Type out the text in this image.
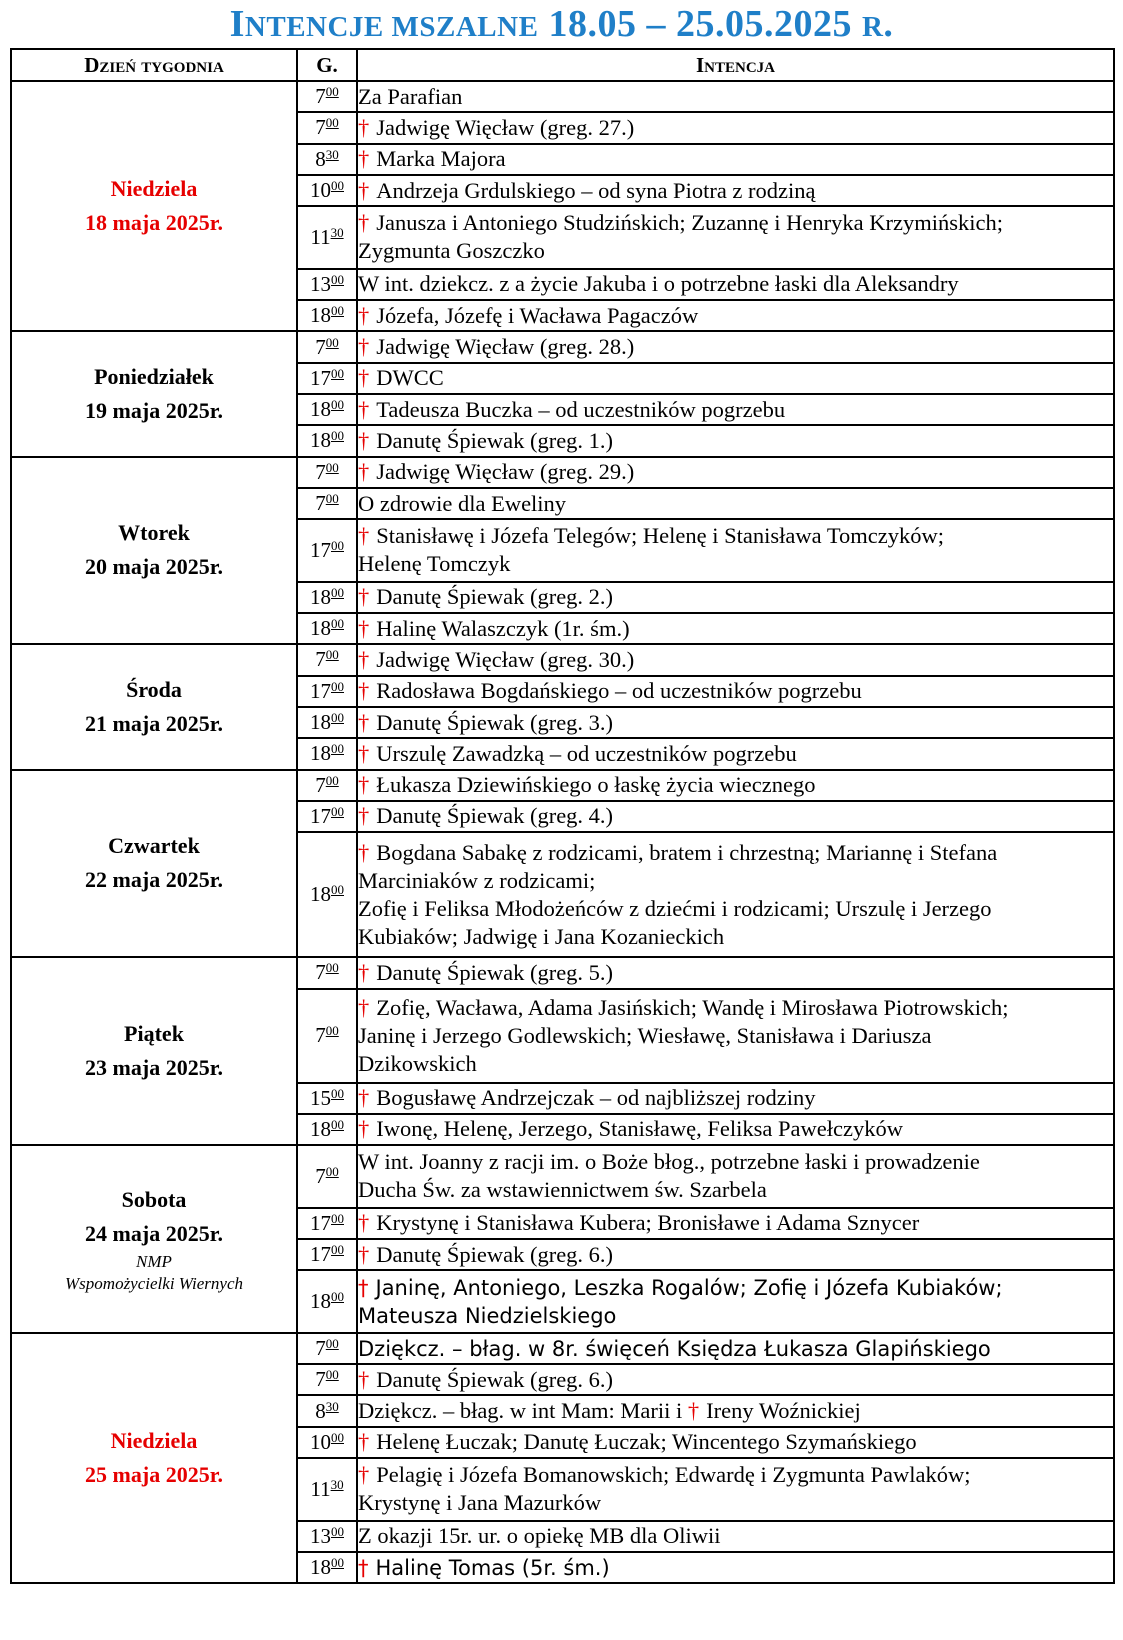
INTENCJE MSZALNE 18.05 – 25.05.2025 R.
Dzień tygodnia	G.	Intencja

Niedziela
18 maja 2025r.	$7^{00}$	Za Parafian

	$7^{00}$	† Jadwigę Więcław (greg. 27.)

	$8^{30}$	† Marka Majora

	$10^{00}$	† Andrzeja Grdulskiego – od syna Piotra z rodziną

	$11^{30}$	† Janusza i Antoniego Studzińskich; Zuzannę i Henryka Krzymińskich;
Zygmunta Goszczko

	$13^{00}$	W int. dziekcz. z a życie Jakuba i o potrzebne łaski dla Aleksandry

	$18^{00}$	† Józefa, Józefę i Wacława Pagaczów

Poniedziałek
19 maja 2025r.	$7^{00}$	† Jadwigę Więcław (greg. 28.)

	$17^{00}$	† DWCC

	$18^{00}$	† Tadeusza Buczka – od uczestników pogrzebu

	$18^{00}$	† Danutę Śpiewak (greg. 1.)

Wtorek
20 maja 2025r.	$7^{00}$	† Jadwigę Więcław (greg. 29.)

	$7^{00}$	O zdrowie dla Eweliny

	$17^{00}$	† Stanisławę i Józefa Telegów; Helenę i Stanisława Tomczyków;
Helenę Tomczyk

	$18^{00}$	† Danutę Śpiewak (greg. 2.)

	$18^{00}$	† Halinę Walaszczyk (1r. śm.)

Środa
21 maja 2025r.	$7^{00}$	† Jadwigę Więcław (greg. 30.)

	$17^{00}$	† Radosława Bogdańskiego – od uczestników pogrzebu

	$18^{00}$	† Danutę Śpiewak (greg. 3.)

	$18^{00}$	† Urszulę Zawadzką – od uczestników pogrzebu

Czwartek
22 maja 2025r.	$7^{00}$	† Łukasza Dziewińskiego o łaskę życia wiecznego

	$17^{00}$	† Danutę Śpiewak (greg. 4.)

	$18^{00}$	† Bogdana Sabakę z rodzicami, bratem i chrzestną; Mariannę i Stefana
Marciniaków z rodzicami;
Zofię i Feliksa Młodożeńców z dziećmi i rodzicami; Urszulę i Jerzego
Kubiaków; Jadwigę i Jana Kozanieckich

Piątek
23 maja 2025r.	$7^{00}$	† Danutę Śpiewak (greg. 5.)

	$7^{00}$	† Zofię, Wacława, Adama Jasińskich; Wandę i Mirosława Piotrowskich;
Janinę i Jerzego Godlewskich; Wiesławę, Stanisława i Dariusza
Dzikowskich

	$15^{00}$	† Bogusławę Andrzejczak – od najbliższej rodziny

	$18^{00}$	† Iwonę, Helenę, Jerzego, Stanisławę, Feliksa Pawełczyków

Sobota
24 maja 2025r.
NMP
Wspomożycielki Wiernych	$7^{00}$	W int. Joanny z racji im. o Boże błog., potrzebne łaski i prowadzenie
Ducha Św. za wstawiennictwem św. Szarbela

	$17^{00}$	† Krystynę i Stanisława Kubera; Bronisławe i Adama Sznycer

	$17^{00}$	† Danutę Śpiewak (greg. 6.)

	$18^{00}$	† Janinę, Antoniego, Leszka Rogalów; Zofię i Józefa Kubiaków;
Mateusza Niedzielskiego

Niedziela
25 maja 2025r.	$7^{00}$	Dziękcz. – błag. w 8r. święceń Księdza Łukasza Glapińskiego

	$7^{00}$	† Danutę Śpiewak (greg. 6.)

	$8^{30}$	Dziękcz. – błag. w int Mam: Marii i † Ireny Woźnickiej

	$10^{00}$	† Helenę Łuczak; Danutę Łuczak; Wincentego Szymańskiego

	$11^{30}$	† Pelagię i Józefa Bomanowskich; Edwardę i Zygmunta Pawlaków;
Krystynę i Jana Mazurków

	$13^{00}$	Z okazji 15r. ur. o opiekę MB dla Oliwii

	$18^{00}$	† Halinę Tomas (5r. śm.)
